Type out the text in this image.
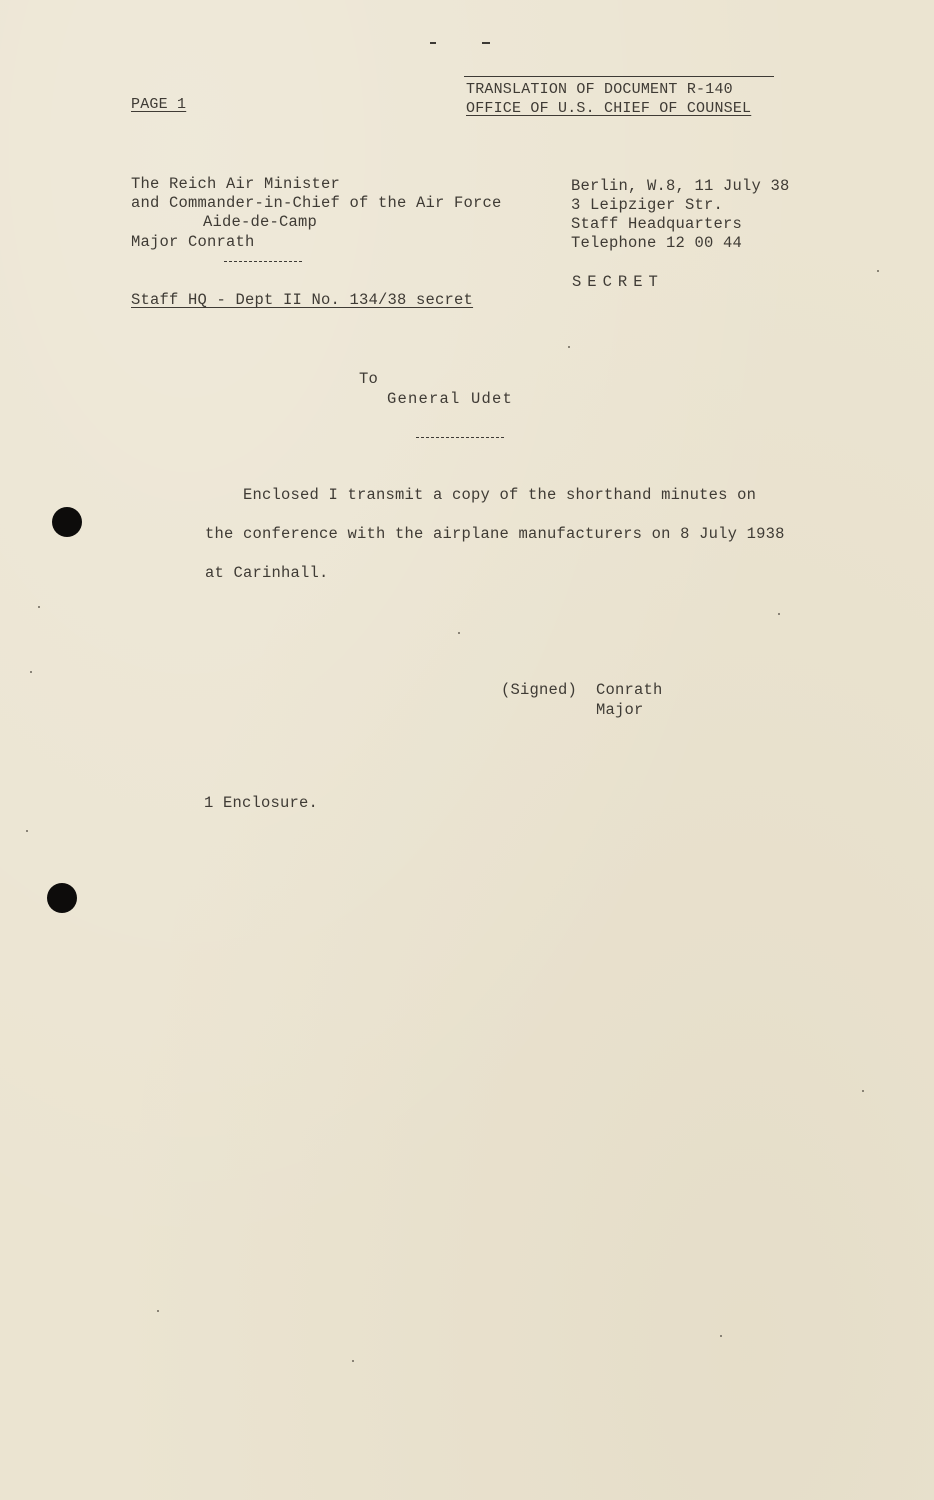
PAGE 1
TRANSLATION OF DOCUMENT R-140
OFFICE OF U.S. CHIEF OF COUNSEL
The Reich Air Minister
and Commander-in-Chief of the Air Force
Aide-de-Camp
Major Conrath
Staff HQ - Dept II No. 134/38 secret
Berlin, W.8, 11 July 38
3 Leipziger Str.
Staff Headquarters
Telephone 12 00 44
SECRET
To
General Udet
Enclosed I transmit a copy of the shorthand minutes on
the conference with the airplane manufacturers on 8 July 1938
at Carinhall.
(Signed) Conrath
Major
1 Enclosure.
